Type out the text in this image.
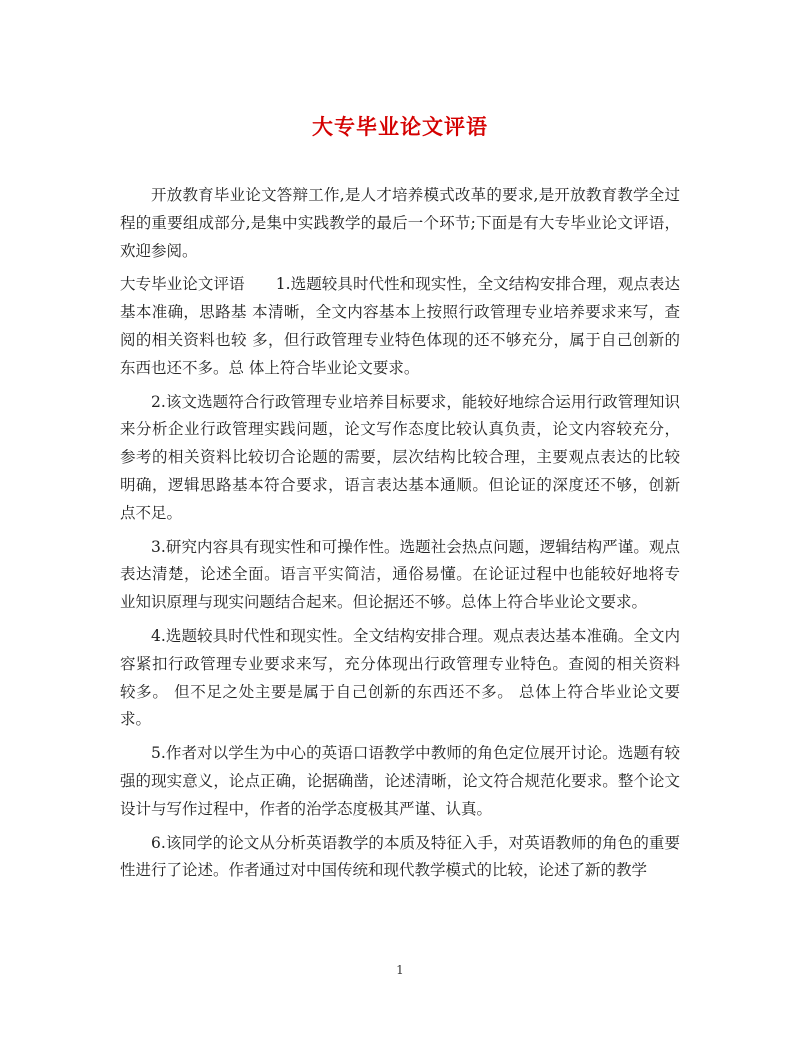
大专毕业论文评语

开放教育毕业论文答辩工作,是人才培养模式改革的要求,是开放教育教学全过程的重要组成部分,是集中实践教学的最后一个环节;下面是有大专毕业论文评语，欢迎参阅。

大专毕业论文评语　　1.选题较具时代性和现实性，全文结构安排合理，观点表达基本准确，思路基 本清晰，全文内容基本上按照行政管理专业培养要求来写，查阅的相关资料也较 多，但行政管理专业特色体现的还不够充分，属于自己创新的东西也还不多。总 体上符合毕业论文要求。

2.该文选题符合行政管理专业培养目标要求，能较好地综合运用行政管理知识 来分析企业行政管理实践问题，论文写作态度比较认真负责，论文内容较充分， 参考的相关资料比较切合论题的需要，层次结构比较合理，主要观点表达的比较 明确，逻辑思路基本符合要求，语言表达基本通顺。但论证的深度还不够，创新 点不足。

3.研究内容具有现实性和可操作性。选题社会热点问题，逻辑结构严谨。观点 表达清楚，论述全面。语言平实简洁，通俗易懂。在论证过程中也能较好地将专 业知识原理与现实问题结合起来。但论据还不够。总体上符合毕业论文要求。

4.选题较具时代性和现实性。全文结构安排合理。观点表达基本准确。全文内 容紧扣行政管理专业要求来写，充分体现出行政管理专业特色。查阅的相关资料 较多。 但不足之处主要是属于自己创新的东西还不多。 总体上符合毕业论文要求。

5.作者对以学生为中心的英语口语教学中教师的角色定位展开讨论。选题有较强的现实意义，论点正确，论据确凿，论述清晰，论文符合规范化要求。整个论文设计与写作过程中，作者的治学态度极其严谨、认真。

6.该同学的论文从分析英语教学的本质及特征入手，对英语教师的角色的重要性进行了论述。作者通过对中国传统和现代教学模式的比较，论述了新的教学

1
